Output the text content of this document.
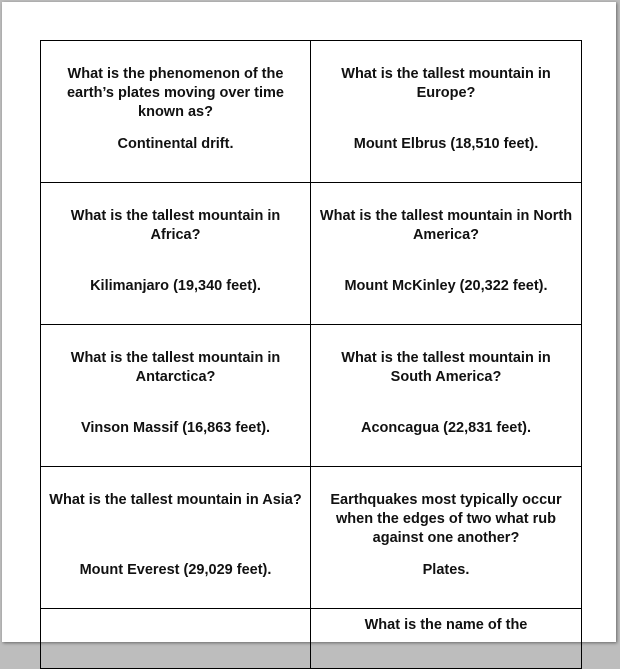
What is the phenomenon of the earth’s plates moving over time known as?
Continental drift.
What is the tallest mountain in Europe?
Mount Elbrus (18,510 feet).
What is the tallest mountain in Africa?
Kilimanjaro (19,340 feet).
What is the tallest mountain in North America?
Mount McKinley (20,322 feet).
What is the tallest mountain in Antarctica?
Vinson Massif (16,863 feet).
What is the tallest mountain in South America?
Aconcagua (22,831 feet).
What is the tallest mountain in Asia?
Mount Everest (29,029 feet).
Earthquakes most typically occur when the edges of two what rub against one another?
Plates.
What is the name of the
